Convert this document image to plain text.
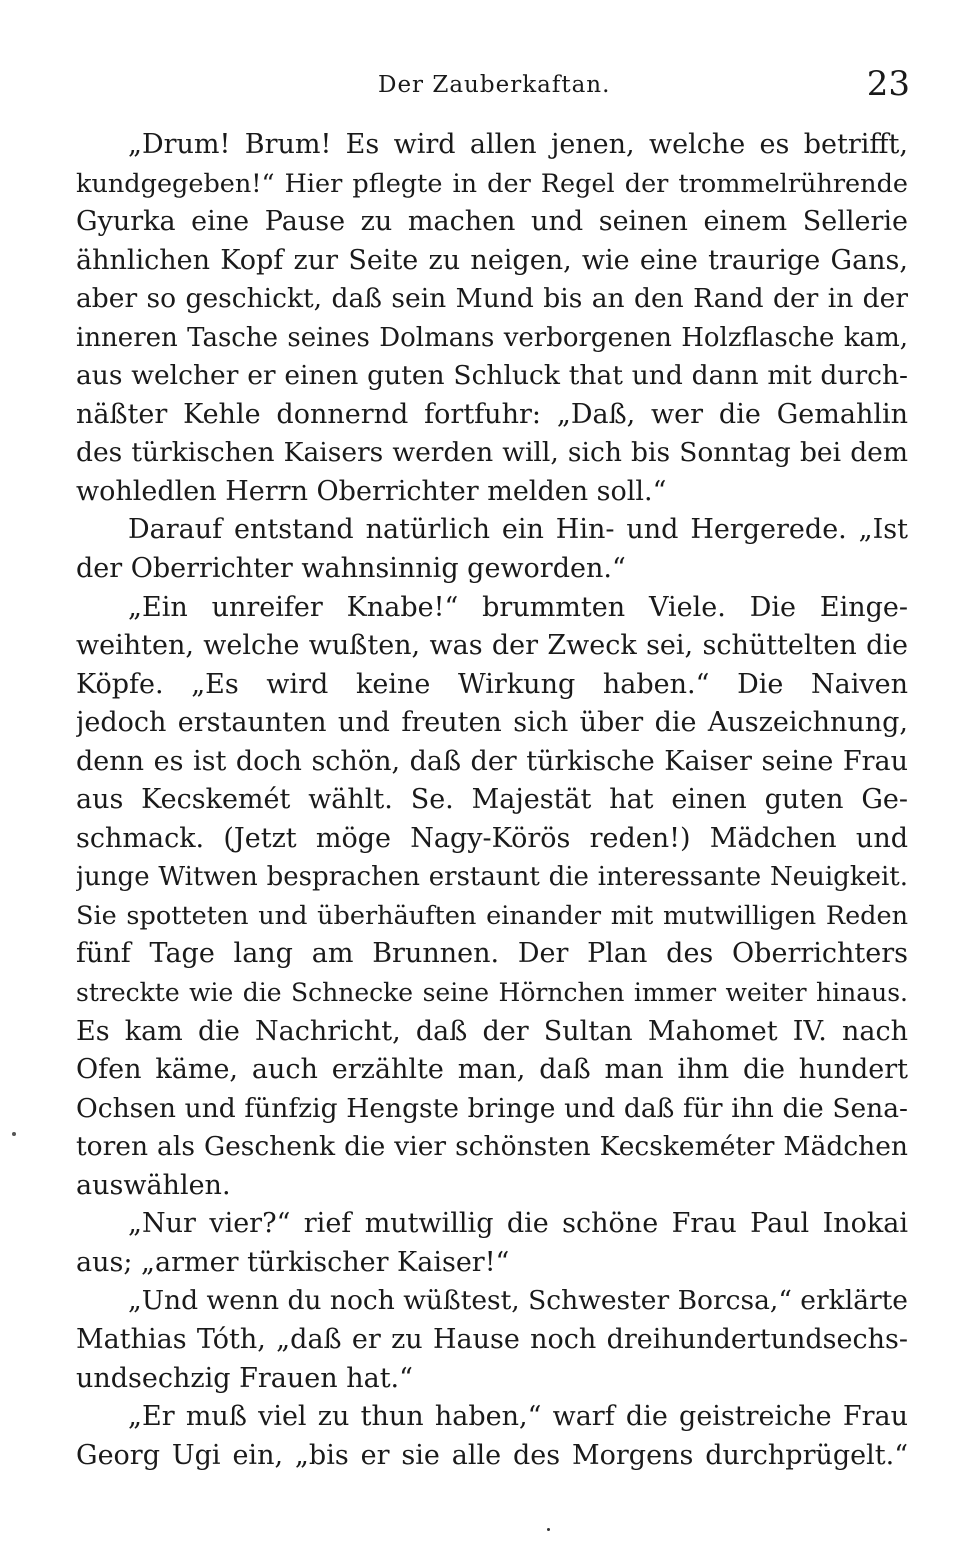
Der Zauberkaftan.	23
„Drum! Brum! Es wird allen jenen, welche es betrifft,
kundgegeben!“ Hier pflegte in der Regel der trommelrührende
Gyurka eine Pause zu machen und seinen einem Sellerie
ähnlichen Kopf zur Seite zu neigen, wie eine traurige Gans,
aber so geschickt, daß sein Mund bis an den Rand der in der
inneren Tasche seines Dolmans verborgenen Holzflasche kam,
aus welcher er einen guten Schluck that und dann mit durch-
näßter Kehle donnernd fortfuhr: „Daß, wer die Gemahlin
des türkischen Kaisers werden will, sich bis Sonntag bei dem
wohledlen Herrn Oberrichter melden soll.“
Darauf entstand natürlich ein Hin- und Hergerede. „Ist
der Oberrichter wahnsinnig geworden.“
„Ein unreifer Knabe!“ brummten Viele. Die Einge-
weihten, welche wußten, was der Zweck sei, schüttelten die
Köpfe. „Es wird keine Wirkung haben.“ Die Naiven
jedoch erstaunten und freuten sich über die Auszeichnung,
denn es ist doch schön, daß der türkische Kaiser seine Frau
aus Kecskemét wählt. Se. Majestät hat einen guten Ge-
schmack. (Jetzt möge Nagy-Körös reden!) Mädchen und
junge Witwen besprachen erstaunt die interessante Neuigkeit.
Sie spotteten und überhäuften einander mit mutwilligen Reden
fünf Tage lang am Brunnen. Der Plan des Oberrichters
streckte wie die Schnecke seine Hörnchen immer weiter hinaus.
Es kam die Nachricht, daß der Sultan Mahomet IV. nach
Ofen käme, auch erzählte man, daß man ihm die hundert
Ochsen und fünfzig Hengste bringe und daß für ihn die Sena-
toren als Geschenk die vier schönsten Kecskeméter Mädchen
auswählen.
„Nur vier?“ rief mutwillig die schöne Frau Paul Inokai
aus; „armer türkischer Kaiser!“
„Und wenn du noch wüßtest, Schwester Borcsa,“ erklärte
Mathias Tóth, „daß er zu Hause noch dreihundertundsechs-
undsechzig Frauen hat.“
„Er muß viel zu thun haben,“ warf die geistreiche Frau
Georg Ugi ein, „bis er sie alle des Morgens durchprügelt.“
